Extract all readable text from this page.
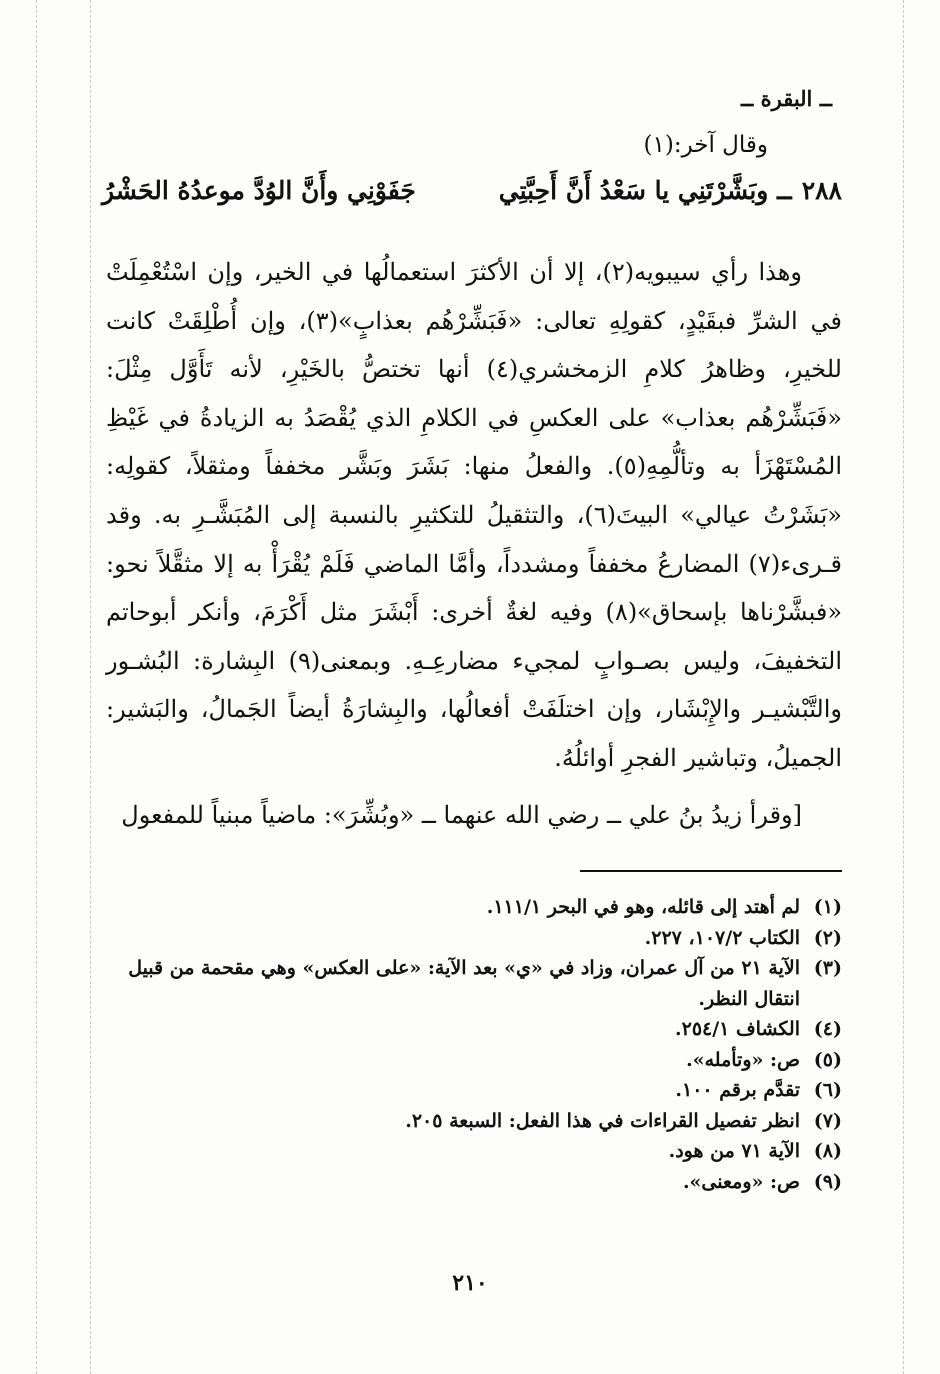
ــ البقرة ــ
وقال آخر:(١)
٢٨٨
ــ وبَشَّرْتَنِي يا سَعْدُ أَنَّ أَحِبَّتِي
جَفَوْنِي وأَنَّ الوُدَّ موعدُهُ الحَشْرُ

وهذا رأي سيبويه(٢)، إلا أن الأكثرَ استعمالُها في الخير، وإن اسْتُعْمِلَتْ في الشرِّ فبقَيْدٍ، كقولِهِ تعالى: «فَبَشِّرْهُم بعذابٍ»(٣)، وإن أُطْلِقَتْ كانت للخيرِ، وظاهرُ كلامِ الزمخشري(٤) أنها تختصُّ بالخَيْرِ، لأنه تَأَوَّل مِثْلَ: «فَبَشِّرْهُم بعذاب» على العكسِ في الكلامِ الذي يُقْصَدُ به الزيادةُ في غَيْظِ المُسْتَهْزَأ به وتألُّمِهِ(٥). والفعلُ منها: بَشَرَ وبَشَّر مخففاً ومثقلاً، كقولِه: «بَشَرْتُ عيالي» البيتَ(٦)، والتثقيلُ للتكثيرِ بالنسبة إلى المُبَشَّـرِ به. وقد قـرىء(٧) المضارعُ مخففاً ومشدداً، وأمَّا الماضي فَلَمْ يُقْرَأْ به إلا مثقَّلاً نحو: «فبشَّرْناها بإسحاق»(٨) وفيه لغةٌ أخرى: أَبْشَرَ مثل أَكْرَمَ، وأنكر أبوحاتم التخفيفَ، وليس بصـوابٍ لمجيء مضارعِـهِ. وبمعنى(٩) البِشارة: البُشـور والتَّبْشيـر والإِبْشَار، وإن اختلَفَتْ أفعالُها، والبِشارَةُ أيضاً الجَمالُ، والبَشير: الجميلُ، وتباشير الفجرِ أوائلُهُ.

[وقرأ زيدُ بنُ علي ــ رضي الله عنهما ــ «وبُشِّرَ»: ماضياً مبنياً للمفعول

(١)
لم أهتد إلى قائله، وهو في البحر ١١١/١.
(٢)
الكتاب ١٠٧/٢، ٢٢٧.
(٣)
الآية ٢١ من آل عمران، وزاد في «ي» بعد الآية: «على العكس» وهي مقحمة من قبيل انتقال النظر.
(٤)
الكشاف ٢٥٤/١.
(٥)
ص: «وتأمله».
(٦)
تقدَّم برقم ١٠٠.
(٧)
انظر تفصيل القراءات في هذا الفعل: السبعة ٢٠٥.
(٨)
الآية ٧١ من هود.
(٩)
ص: «ومعنى».
٢١٠
